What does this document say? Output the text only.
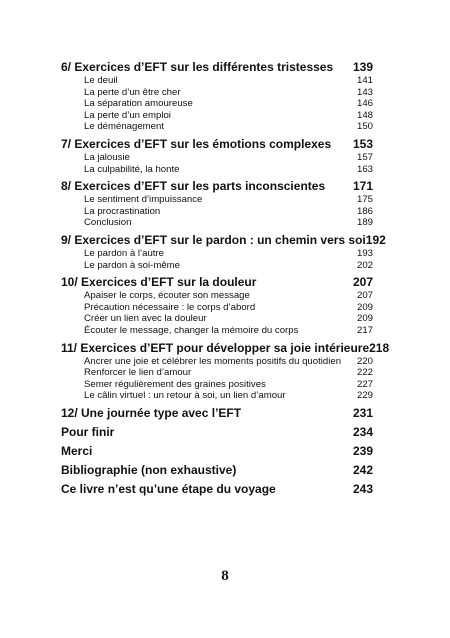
6/ Exercices d’EFT sur les différentes tristesses 139
Le deuil	141
La perte d’un être cher	143
La séparation amoureuse	146
La perte d’un emploi	148
Le déménagement	150
7/ Exercices d’EFT sur les émotions complexes 153
La jalousie	157
La culpabilité, la honte	163
8/ Exercices d’EFT sur les parts inconscientes 171
Le sentiment d’impuissance	175
La procrastination	186
Conclusion	189
9/ Exercices d’EFT sur le pardon : un chemin vers soi 192
Le pardon à l’autre	193
Le pardon à soi-même	202
10/ Exercices d’EFT sur la douleur	207
Apaiser le corps, écouter son message	207
Précaution nécessaire : le corps d’abord	209
Créer un lien avec la douleur	209
Écouter le message, changer la mémoire du corps	217
11/ Exercices d’EFT pour développer sa joie intérieure 218
Ancrer une joie et célébrer les moments positifs du quotidien 220
Renforcer le lien d’amour	222
Semer régulièrement des graines positives	227
Le câlin virtuel : un retour à soi, un lien d’amour	229
12/ Une journée type avec l’EFT	231
Pour finir	234
Merci	239
Bibliographie (non exhaustive)	242
Ce livre n’est qu’une étape du voyage	243
8
